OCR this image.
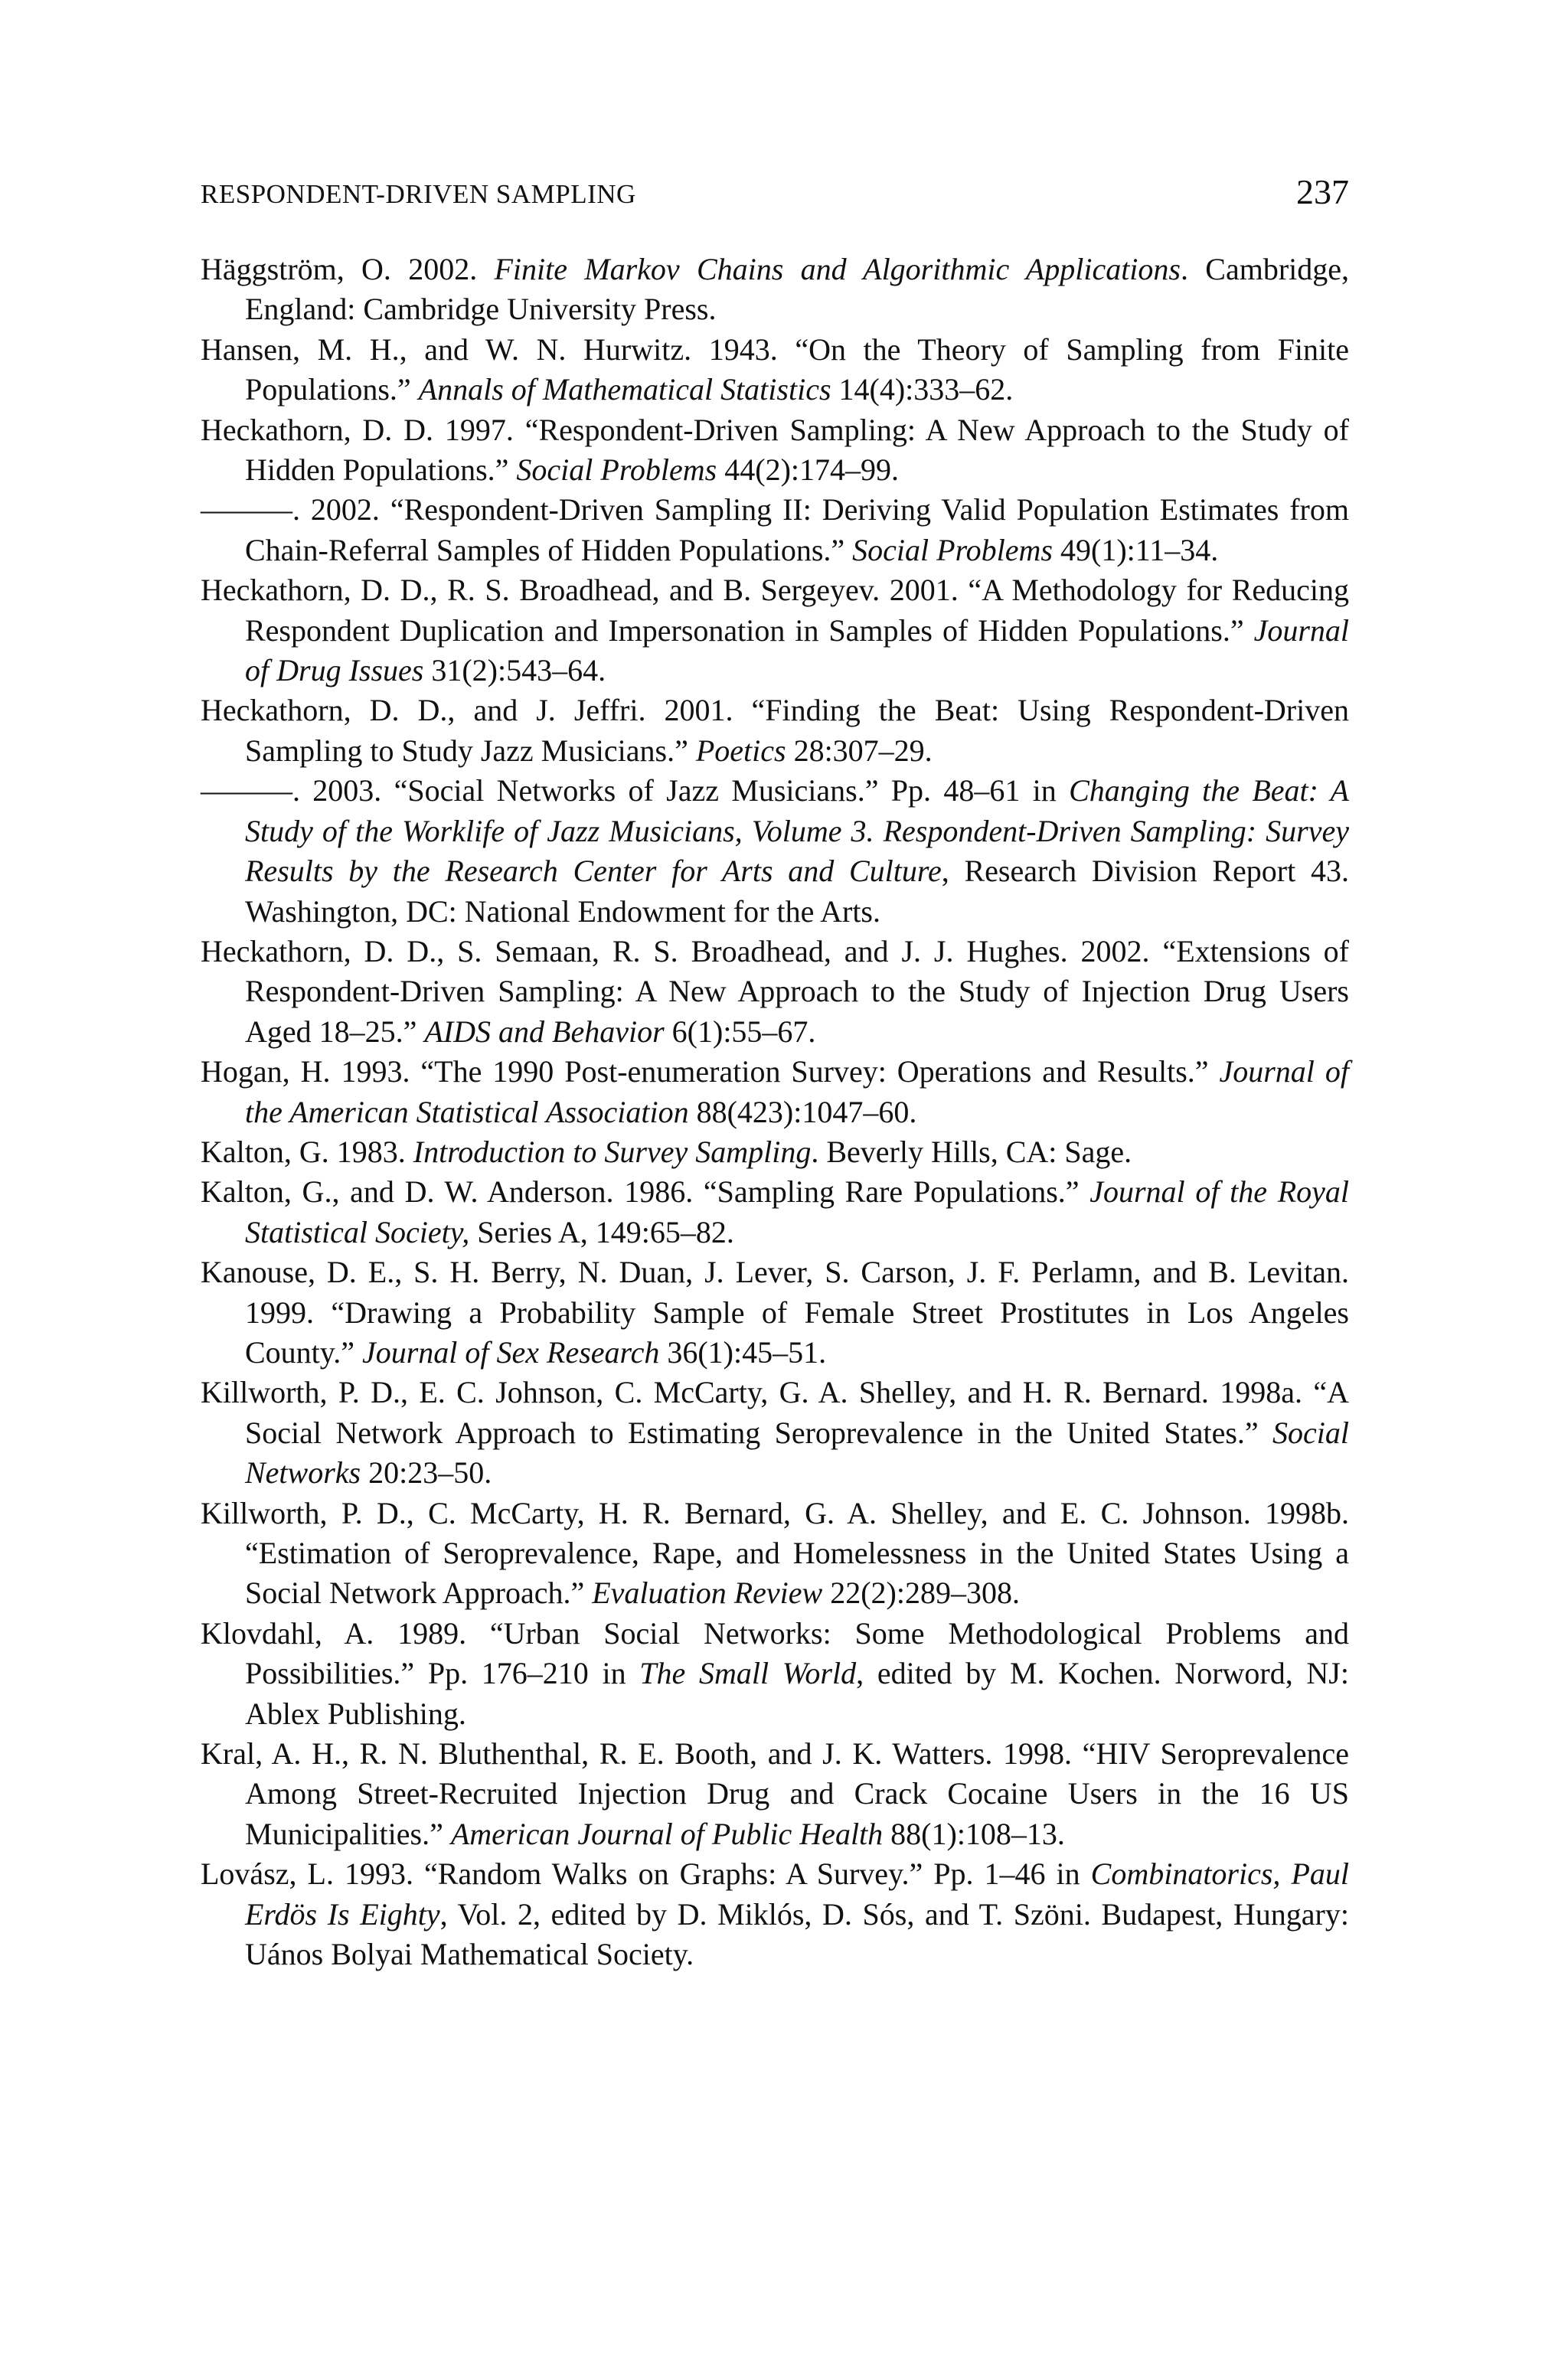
RESPONDENT-DRIVEN SAMPLING	237
Häggström, O. 2002. Finite Markov Chains and Algorithmic Applications. Cambridge, England: Cambridge University Press.
Hansen, M. H., and W. N. Hurwitz. 1943. “On the Theory of Sampling from Finite Populations.” Annals of Mathematical Statistics 14(4):333–62.
Heckathorn, D. D. 1997. “Respondent-Driven Sampling: A New Approach to the Study of Hidden Populations.” Social Problems 44(2):174–99.
———. 2002. “Respondent-Driven Sampling II: Deriving Valid Population Estimates from Chain-Referral Samples of Hidden Populations.” Social Problems 49(1):11–34.
Heckathorn, D. D., R. S. Broadhead, and B. Sergeyev. 2001. “A Methodology for Reducing Respondent Duplication and Impersonation in Samples of Hidden Populations.” Journal of Drug Issues 31(2):543–64.
Heckathorn, D. D., and J. Jeffri. 2001. “Finding the Beat: Using Respondent-Driven Sampling to Study Jazz Musicians.” Poetics 28:307–29.
———. 2003. “Social Networks of Jazz Musicians.” Pp. 48–61 in Changing the Beat: A Study of the Worklife of Jazz Musicians, Volume 3. Respondent-Driven Sampling: Survey Results by the Research Center for Arts and Culture, Research Division Report 43. Washington, DC: National Endowment for the Arts.
Heckathorn, D. D., S. Semaan, R. S. Broadhead, and J. J. Hughes. 2002. “Extensions of Respondent-Driven Sampling: A New Approach to the Study of Injection Drug Users Aged 18–25.” AIDS and Behavior 6(1):55–67.
Hogan, H. 1993. “The 1990 Post-enumeration Survey: Operations and Results.” Journal of the American Statistical Association 88(423):1047–60.
Kalton, G. 1983. Introduction to Survey Sampling. Beverly Hills, CA: Sage.
Kalton, G., and D. W. Anderson. 1986. “Sampling Rare Populations.” Journal of the Royal Statistical Society, Series A, 149:65–82.
Kanouse, D. E., S. H. Berry, N. Duan, J. Lever, S. Carson, J. F. Perlamn, and B. Levitan. 1999. “Drawing a Probability Sample of Female Street Prostitutes in Los Angeles County.” Journal of Sex Research 36(1):45–51.
Killworth, P. D., E. C. Johnson, C. McCarty, G. A. Shelley, and H. R. Bernard. 1998a. “A Social Network Approach to Estimating Seroprevalence in the United States.” Social Networks 20:23–50.
Killworth, P. D., C. McCarty, H. R. Bernard, G. A. Shelley, and E. C. Johnson. 1998b. “Estimation of Seroprevalence, Rape, and Homelessness in the United States Using a Social Network Approach.” Evaluation Review 22(2):289–308.
Klovdahl, A. 1989. “Urban Social Networks: Some Methodological Problems and Possibilities.” Pp. 176–210 in The Small World, edited by M. Kochen. Norword, NJ: Ablex Publishing.
Kral, A. H., R. N. Bluthenthal, R. E. Booth, and J. K. Watters. 1998. “HIV Seroprevalence Among Street-Recruited Injection Drug and Crack Cocaine Users in the 16 US Municipalities.” American Journal of Public Health 88(1):108–13.
Lovász, L. 1993. “Random Walks on Graphs: A Survey.” Pp. 1–46 in Combinatorics, Paul Erdös Is Eighty, Vol. 2, edited by D. Miklós, D. Sós, and T. Szöni. Budapest, Hungary: Uános Bolyai Mathematical Society.
